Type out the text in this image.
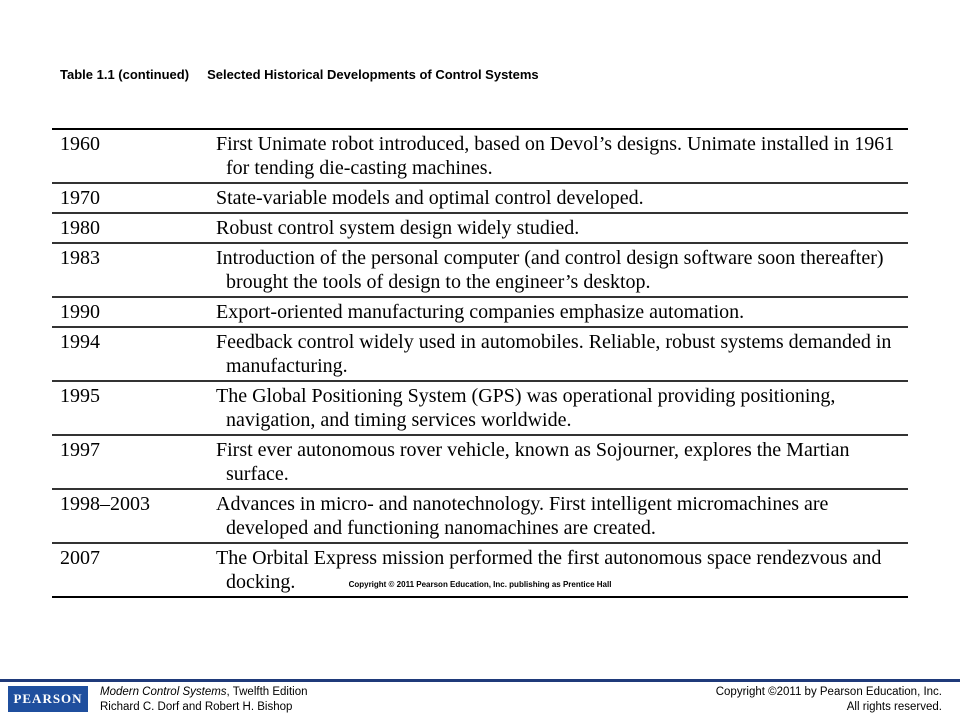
Table 1.1 (continued) Selected Historical Developments of Control Systems
1960	First Unimate robot introduced, based on Devol’s designs. Unimate installed in 1961 for tending die-casting machines.
1970	State-variable models and optimal control developed.
1980	Robust control system design widely studied.
1983	Introduction of the personal computer (and control design software soon thereafter) brought the tools of design to the engineer’s desktop.
1990	Export-oriented manufacturing companies emphasize automation.
1994	Feedback control widely used in automobiles. Reliable, robust systems demanded in manufacturing.
1995	The Global Positioning System (GPS) was operational providing positioning, navigation, and timing services worldwide.
1997	First ever autonomous rover vehicle, known as Sojourner, explores the Martian surface.
1998–2003	Advances in micro- and nanotechnology. First intelligent micromachines are developed and functioning nanomachines are created.
2007	The Orbital Express mission performed the first autonomous space rendezvous and docking.	Copyright © 2011 Pearson Education, Inc. publishing as Prentice Hall
PEARSON Modern Control Systems, Twelfth Edition
Richard C. Dorf and Robert H. Bishop
Copyright ©2011 by Pearson Education, Inc.
All rights reserved.
